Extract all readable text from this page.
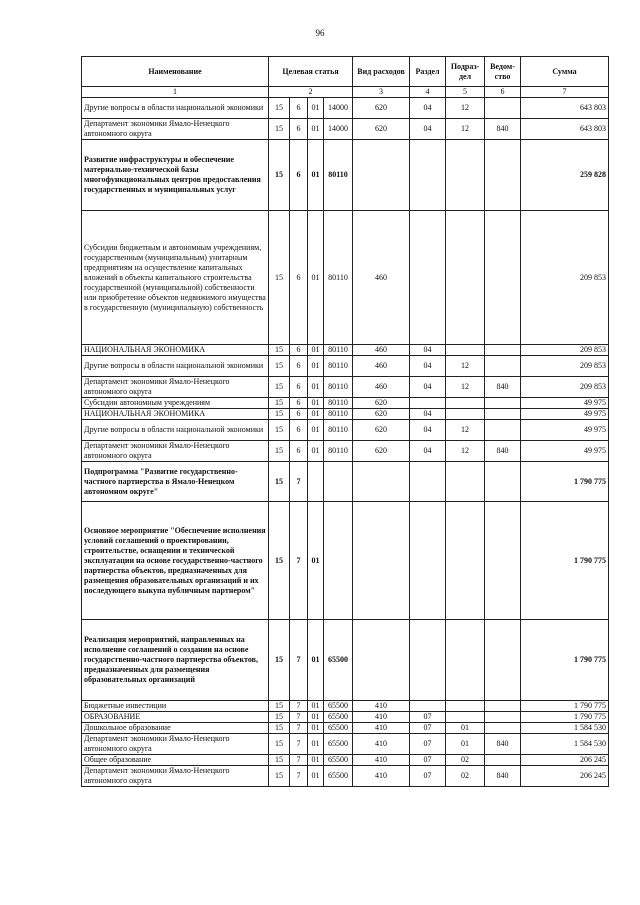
96
Наименование	Целевая статья				Вид расходов	Раздел	Подраз-дел	Ведом-ство	Сумма
1	2				3	4	5	6	7
Другие вопросы в области национальной экономики	15	6	01	14000	620	04	12		643 803
Департамент экономики Ямало-Ненецкого автономного округа	15	6	01	14000	620	04	12	840	643 803
Развитие инфраструктуры и обеспечение материально-технической базы многофункциональных центров предоставления государственных и муниципальных услуг	15	6	01	80110					259 828
Субсидии бюджетным и автономным учреждениям, государственным (муниципальным) унитарным предприятиям на осуществление капитальных вложений в объекты капитального строительства государственной (муниципальной) собственности или приобретение объектов недвижимого имущества в государственную (муниципальную) собственность	15	6	01	80110	460				209 853
НАЦИОНАЛЬНАЯ ЭКОНОМИКА	15	6	01	80110	460	04			209 853
Другие вопросы в области национальной экономики	15	6	01	80110	460	04	12		209 853
Департамент экономики Ямало-Ненецкого автономного округа	15	6	01	80110	460	04	12	840	209 853
Субсидии автономным учреждениям	15	6	01	80110	620				49 975
НАЦИОНАЛЬНАЯ ЭКОНОМИКА	15	6	01	80110	620	04			49 975
Другие вопросы в области национальной экономики	15	6	01	80110	620	04	12		49 975
Департамент экономики Ямало-Ненецкого автономного округа	15	6	01	80110	620	04	12	840	49 975
Подпрограмма "Развитие государственно-частного партнерства в Ямало-Ненецком автономном округе"	15	7							1 790 775
Основное мероприятие "Обеспечение исполнения условий соглашений о проектировании, строительстве, оснащении и технической эксплуатации на основе государственно-частного партнерства объектов, предназначенных для размещения образовательных организаций и их последующего выкупа публичным партнером"	15	7	01						1 790 775
Реализация мероприятий, направленных на исполнение соглашений о создании на основе государственно-частного партнерства объектов, предназначенных для размещения образовательных организаций	15	7	01	65500					1 790 775
Бюджетные инвестиции	15	7	01	65500	410				1 790 775
ОБРАЗОВАНИЕ	15	7	01	65500	410	07			1 790 775
Дошкольное образование	15	7	01	65500	410	07	01		1 584 530
Департамент экономики Ямало-Ненецкого автономного округа	15	7	01	65500	410	07	01	840	1 584 530
Общее образование	15	7	01	65500	410	07	02		206 245
Департамент экономики Ямало-Ненецкого автономного округа	15	7	01	65500	410	07	02	840	206 245
